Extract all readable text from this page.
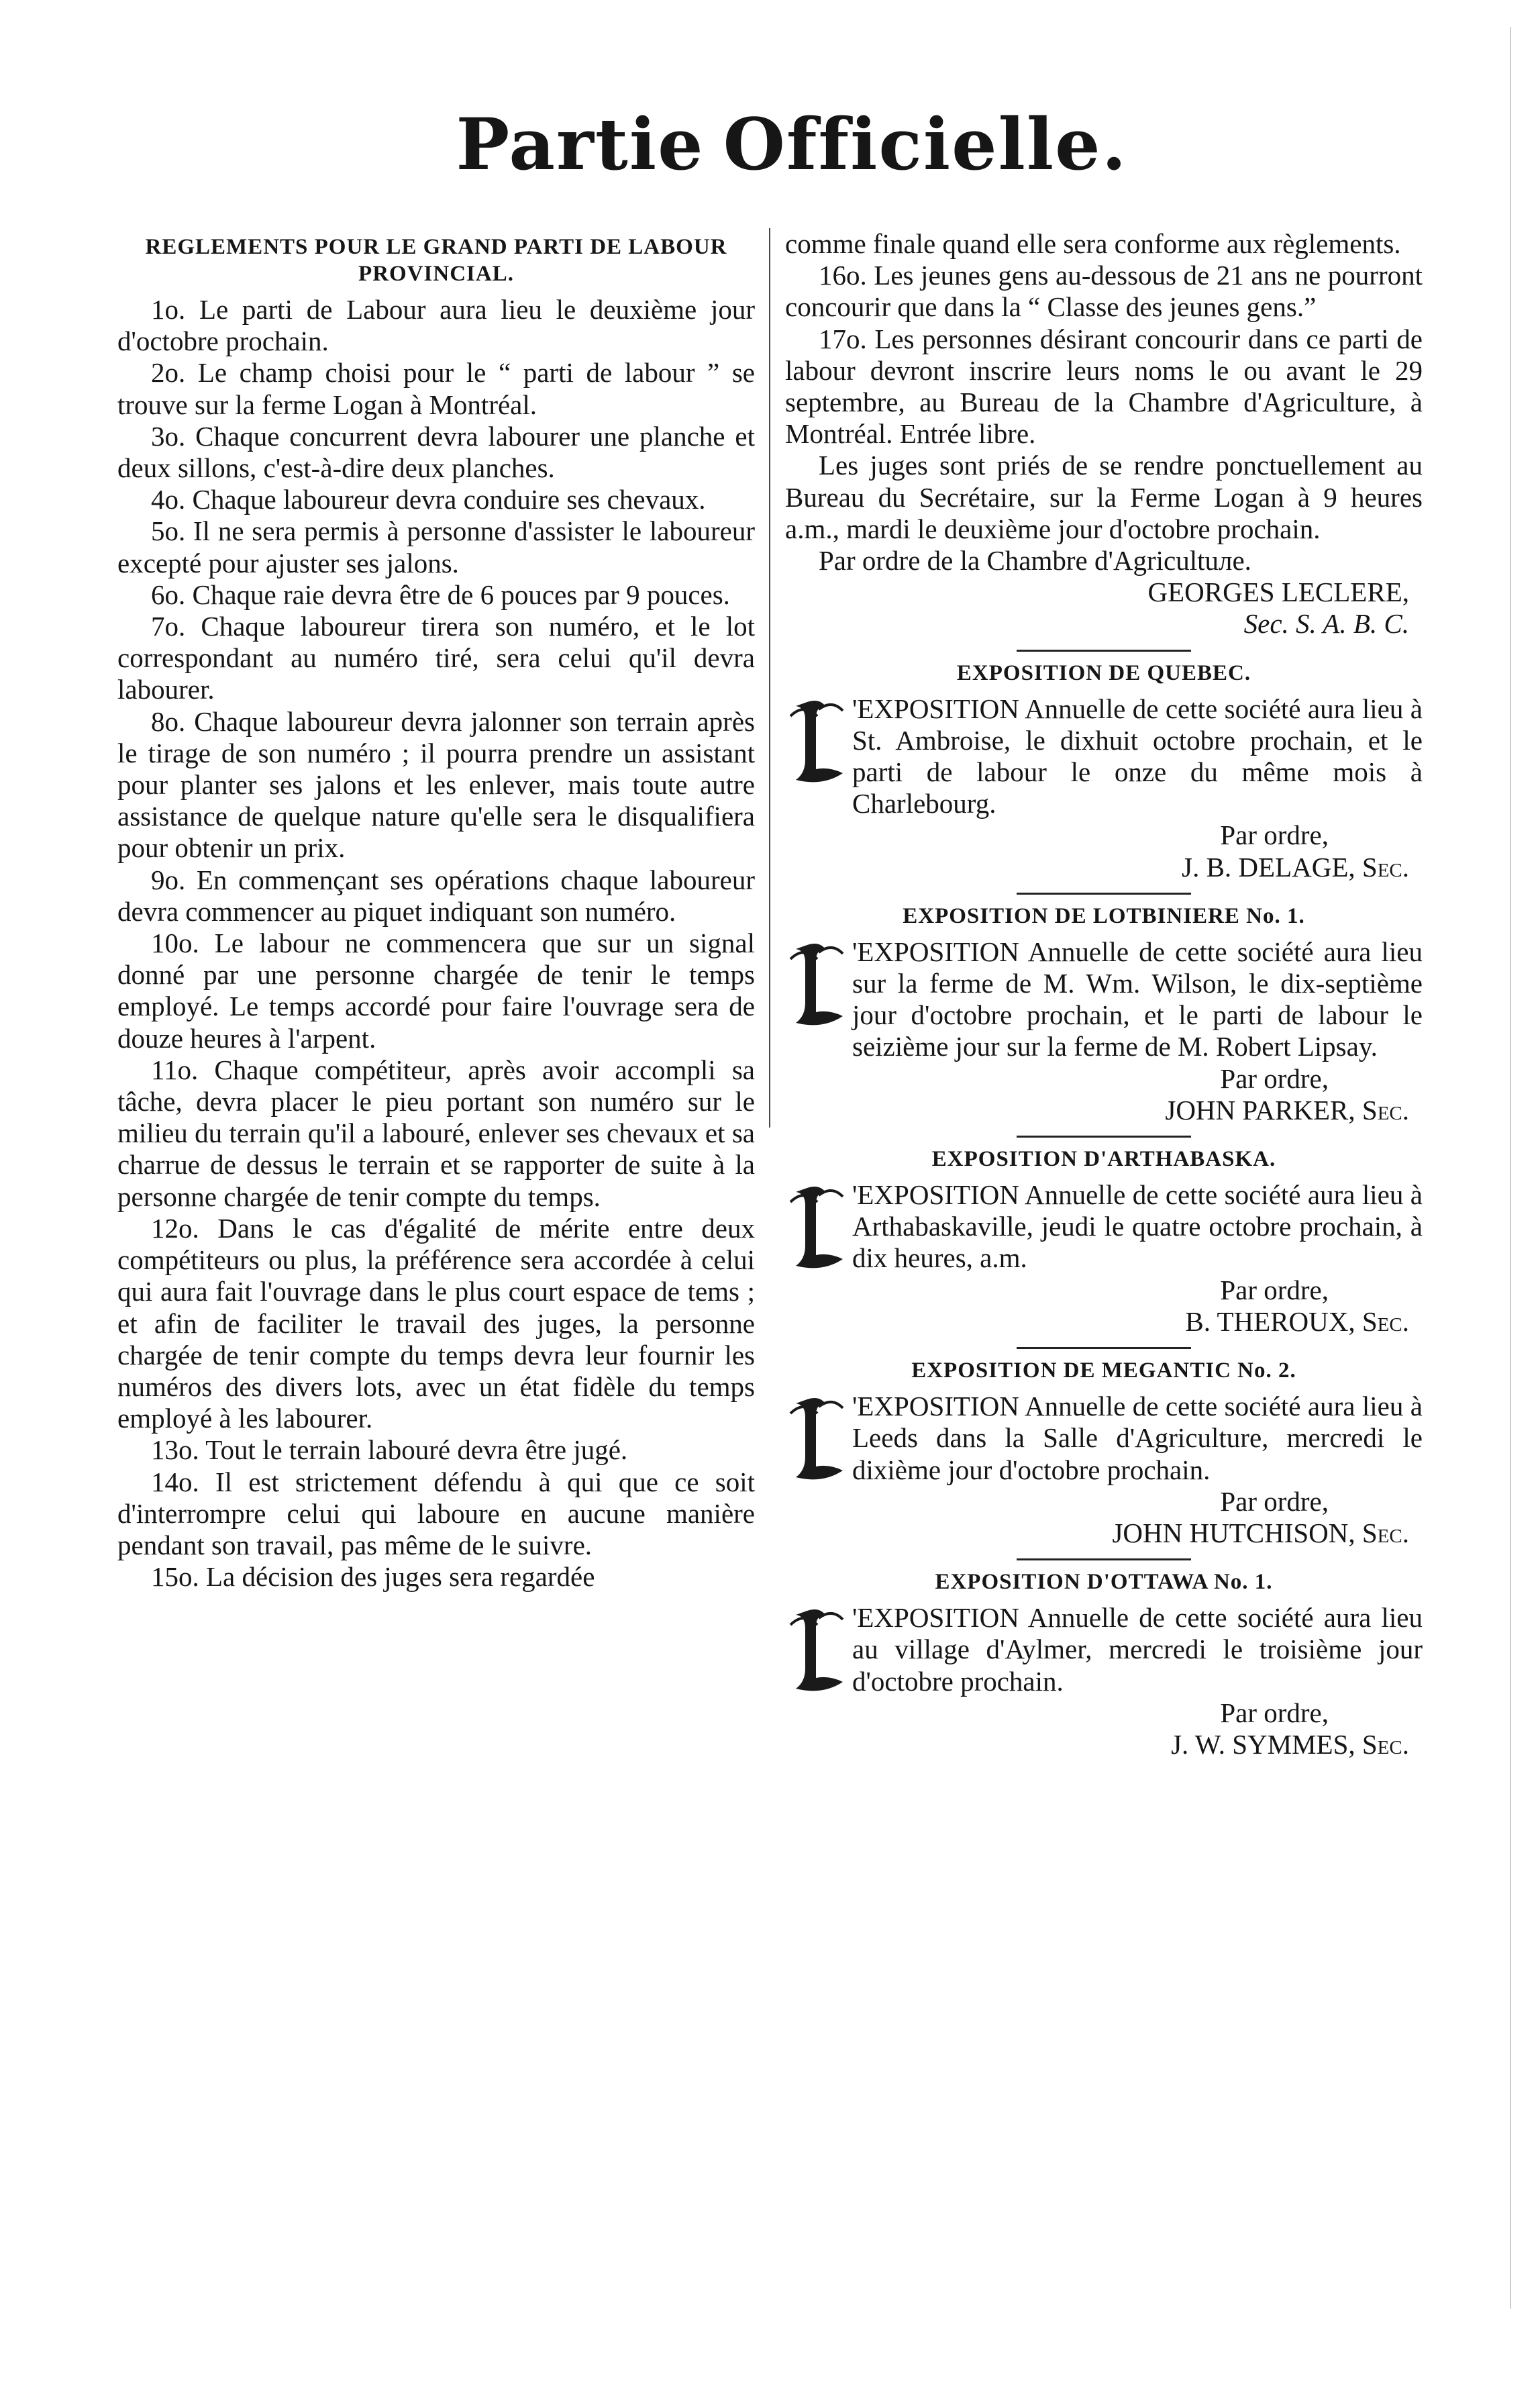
Partie Officielle.
REGLEMENTS POUR LE GRAND PARTI DE LABOUR PROVINCIAL.

1o. Le parti de Labour aura lieu le deuxième jour d'octobre prochain.

2o. Le champ choisi pour le “ parti de labour ” se trouve sur la ferme Logan à Montréal.

3o. Chaque concurrent devra labourer une planche et deux sillons, c'est-à-dire deux planches.

4o. Chaque laboureur devra conduire ses chevaux.

5o. Il ne sera permis à personne d'assister le laboureur excepté pour ajuster ses jalons.

6o. Chaque raie devra être de 6 pouces par 9 pouces.

7o. Chaque laboureur tirera son numéro, et le lot correspondant au numéro tiré, sera celui qu'il devra labourer.

8o. Chaque laboureur devra jalonner son terrain après le tirage de son numéro ; il pourra prendre un assistant pour planter ses jalons et les enlever, mais toute autre assistance de quelque nature qu'elle sera le disqualifiera pour obtenir un prix.

9o. En commençant ses opérations chaque laboureur devra commencer au piquet indiquant son numéro.

10o. Le labour ne commencera que sur un signal donné par une personne chargée de tenir le temps employé. Le temps accordé pour faire l'ouvrage sera de douze heures à l'arpent.

11o. Chaque compétiteur, après avoir accompli sa tâche, devra placer le pieu portant son numéro sur le milieu du terrain qu'il a labouré, enlever ses chevaux et sa charrue de dessus le terrain et se rapporter de suite à la personne chargée de tenir compte du temps.

12o. Dans le cas d'égalité de mérite entre deux compétiteurs ou plus, la préférence sera accordée à celui qui aura fait l'ouvrage dans le plus court espace de tems ; et afin de faciliter le travail des juges, la personne chargée de tenir compte du temps devra leur fournir les numéros des divers lots, avec un état fidèle du temps employé à les labourer.

13o. Tout le terrain labouré devra être jugé.

14o. Il est strictement défendu à qui que ce soit d'interrompre celui qui laboure en aucune manière pendant son travail, pas même de le suivre.

15o. La décision des juges sera regardée

comme finale quand elle sera conforme aux règlements.

16o. Les jeunes gens au-dessous de 21 ans ne pourront concourir que dans la “ Classe des jeunes gens.”

17o. Les personnes désirant concourir dans ce parti de labour devront inscrire leurs noms le ou avant le 29 septembre, au Bureau de la Chambre d'Agriculture, à Montréal. Entrée libre.

Les juges sont priés de se rendre ponctuellement au Bureau du Secrétaire, sur la Ferme Logan à 9 heures a.m., mardi le deuxième jour d'octobre prochain.

Par ordre de la Chambre d'Agricultuле.

GEORGES LECLERE,

Sec. S. A. B. C.

EXPOSITION DE QUEBEC.

'EXPOSITION Annuelle de cette société aura lieu à St. Ambroise, le dixhuit octobre prochain, et le parti de labour le onze du même mois à Charlebourg.

Par ordre,

J. B. DELAGE, Sec.

EXPOSITION DE LOTBINIERE No. 1.

'EXPOSITION Annuelle de cette société aura lieu sur la ferme de M. Wm. Wilson, le dix-septième jour d'octobre prochain, et le parti de labour le seizième jour sur la ferme de M. Robert Lipsay.

Par ordre,

JOHN PARKER, Sec.

EXPOSITION D'ARTHABASKA.

'EXPOSITION Annuelle de cette société aura lieu à Arthabaskaville, jeudi le quatre octobre prochain, à dix heures, a.m.

Par ordre,

B. THEROUX, Sec.

EXPOSITION DE MEGANTIC No. 2.

'EXPOSITION Annuelle de cette société aura lieu à Leeds dans la Salle d'Agriculture, mercredi le dixième jour d'octobre prochain.

Par ordre,

JOHN HUTCHISON, Sec.

EXPOSITION D'OTTAWA No. 1.

'EXPOSITION Annuelle de cette société aura lieu au village d'Aylmer, mercredi le troisième jour d'octobre prochain.

Par ordre,

J. W. SYMMES, Sec.
